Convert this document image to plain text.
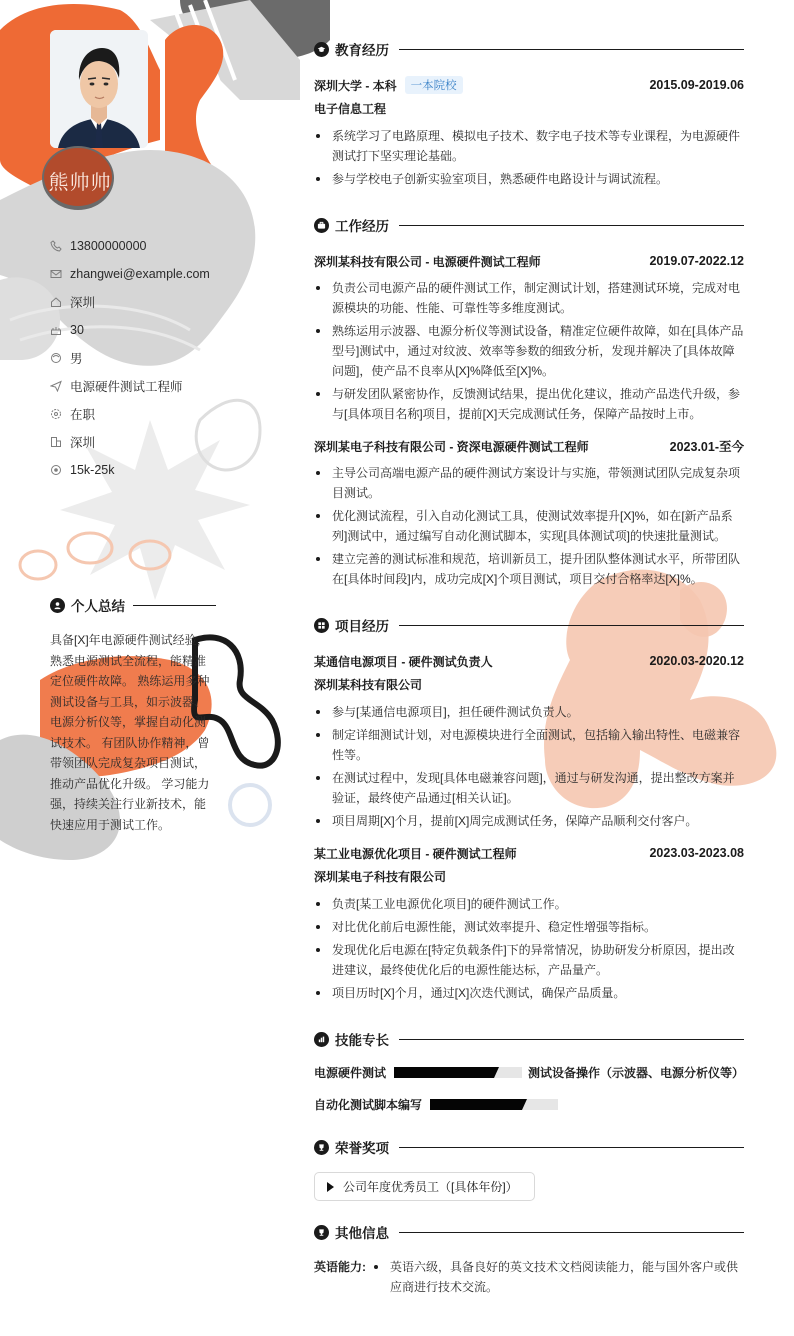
熊帅帅
13800000000
zhangwei@example.com
深圳
30
男
电源硬件测试工程师
在职
深圳
15k-25k
个人总结
具备[X]年电源硬件测试经验，熟悉电源测试全流程，能精准定位硬件故障。 熟练运用多种测试设备与工具，如示波器、电源分析仪等，掌握自动化测试技术。 有团队协作精神，曾带领团队完成复杂项目测试，推动产品优化升级。 学习能力强，持续关注行业新技术，能快速应用于测试工作。
教育经历
深圳大学 - 本科	一本院校	2015.09-2019.06
电子信息工程
系统学习了电路原理、模拟电子技术、数字电子技术等专业课程，为电源硬件测试打下坚实理论基础。
参与学校电子创新实验室项目，熟悉硬件电路设计与调试流程。
工作经历
深圳某科技有限公司 - 电源硬件测试工程师	2019.07-2022.12
负责公司电源产品的硬件测试工作，制定测试计划，搭建测试环境，完成对电源模块的功能、性能、可靠性等多维度测试。
熟练运用示波器、电源分析仪等测试设备，精准定位硬件故障，如在[具体产品型号]测试中，通过对纹波、效率等参数的细致分析，发现并解决了[具体故障问题]，使产品不良率从[X]%降低至[X]%。
与研发团队紧密协作，反馈测试结果，提出优化建议，推动产品迭代升级，参与[具体项目名称]项目，提前[X]天完成测试任务，保障产品按时上市。
深圳某电子科技有限公司 - 资深电源硬件测试工程师	2023.01-至今
主导公司高端电源产品的硬件测试方案设计与实施，带领测试团队完成复杂项目测试。
优化测试流程，引入自动化测试工具，使测试效率提升[X]%，如在[新产品系列]测试中，通过编写自动化测试脚本，实现[具体测试项]的快速批量测试。
建立完善的测试标准和规范，培训新员工，提升团队整体测试水平，所带团队在[具体时间段]内，成功完成[X]个项目测试，项目交付合格率达[X]%。
项目经历
某通信电源项目 - 硬件测试负责人	2020.03-2020.12
深圳某科技有限公司
参与[某通信电源项目]，担任硬件测试负责人。
制定详细测试计划，对电源模块进行全面测试，包括输入输出特性、电磁兼容性等。
在测试过程中，发现[具体电磁兼容问题]，通过与研发沟通，提出整改方案并验证，最终使产品通过[相关认证]。
项目周期[X]个月，提前[X]周完成测试任务，保障产品顺利交付客户。
某工业电源优化项目 - 硬件测试工程师	2023.03-2023.08
深圳某电子科技有限公司
负责[某工业电源优化项目]的硬件测试工作。
对比优化前后电源性能，测试效率提升、稳定性增强等指标。
发现优化后电源在[特定负载条件]下的异常情况，协助研发分析原因，提出改进建议，最终使优化后的电源性能达标，产品量产。
项目历时[X]个月，通过[X]次迭代测试，确保产品质量。
技能专长
电源硬件测试	测试设备操作（示波器、电源分析仪等）
自动化测试脚本编写
荣誉奖项
公司年度优秀员工（[具体年份]）
其他信息
英语能力:	英语六级，具备良好的英文技术文档阅读能力，能与国外客户或供应商进行技术交流。
